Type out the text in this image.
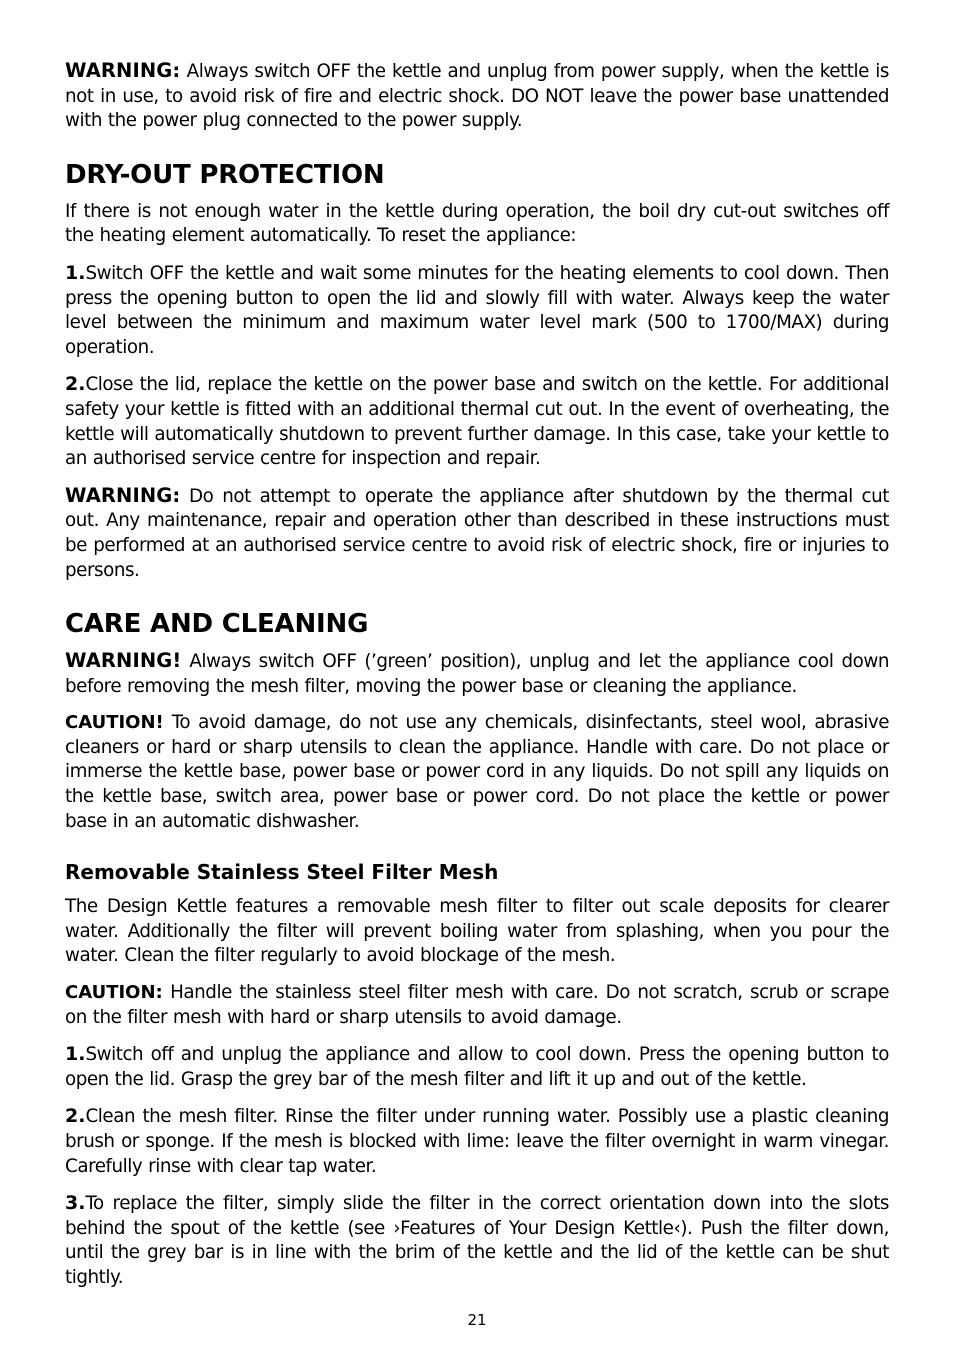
WARNING: Always switch OFF the kettle and unplug from power supply, when the kettle is not in use, to avoid risk of fire and electric shock. DO NOT leave the power base unattended with the power plug connected to the power supply.

DRY-OUT PROTECTION

If there is not enough water in the kettle during operation, the boil dry cut-out switches off the heating element automatically. To reset the appliance:

1.Switch OFF the kettle and wait some minutes for the heating elements to cool down. Then press the opening button to open the lid and slowly fill with water. Always keep the water level between the minimum and maximum water level mark (500 to 1700/MAX) during operation.

2.Close the lid, replace the kettle on the power base and switch on the kettle. For additional safety your kettle is fitted with an additional thermal cut out. In the event of overheating, the kettle will automatically shutdown to prevent further damage. In this case, take your kettle to an authorised service centre for inspection and repair.

WARNING: Do not attempt to operate the appliance after shutdown by the thermal cut out. Any maintenance, repair and operation other than described in these instructions must be performed at an authorised service centre to avoid risk of electric shock, fire or injuries to persons.

CARE AND CLEANING

WARNING! Always switch OFF (’green’ position), unplug and let the appliance cool down before removing the mesh filter, moving the power base or cleaning the appliance.

CAUTION! To avoid damage, do not use any chemicals, disinfectants, steel wool, abrasive cleaners or hard or sharp utensils to clean the appliance. Handle with care. Do not place or immerse the kettle base, power base or power cord in any liquids. Do not spill any liquids on the kettle base, switch area, power base or power cord. Do not place the kettle or power base in an automatic dishwasher.

Removable Stainless Steel Filter Mesh

The Design Kettle features a removable mesh filter to filter out scale deposits for clearer water. Additionally the filter will prevent boiling water from splashing, when you pour the water. Clean the filter regularly to avoid blockage of the mesh.

CAUTION: Handle the stainless steel filter mesh with care. Do not scratch, scrub or scrape on the filter mesh with hard or sharp utensils to avoid damage.

1.Switch off and unplug the appliance and allow to cool down. Press the opening button to open the lid. Grasp the grey bar of the mesh filter and lift it up and out of the kettle.

2.Clean the mesh filter. Rinse the filter under running water. Possibly use a plastic cleaning brush or sponge. If the mesh is blocked with lime: leave the filter overnight in warm vinegar. Carefully rinse with clear tap water.

3.To replace the filter, simply slide the filter in the correct orientation down into the slots behind the spout of the kettle (see ›Features of Your Design Kettle‹). Push the filter down, until the grey bar is in line with the brim of the kettle and the lid of the kettle can be shut tightly.

21
